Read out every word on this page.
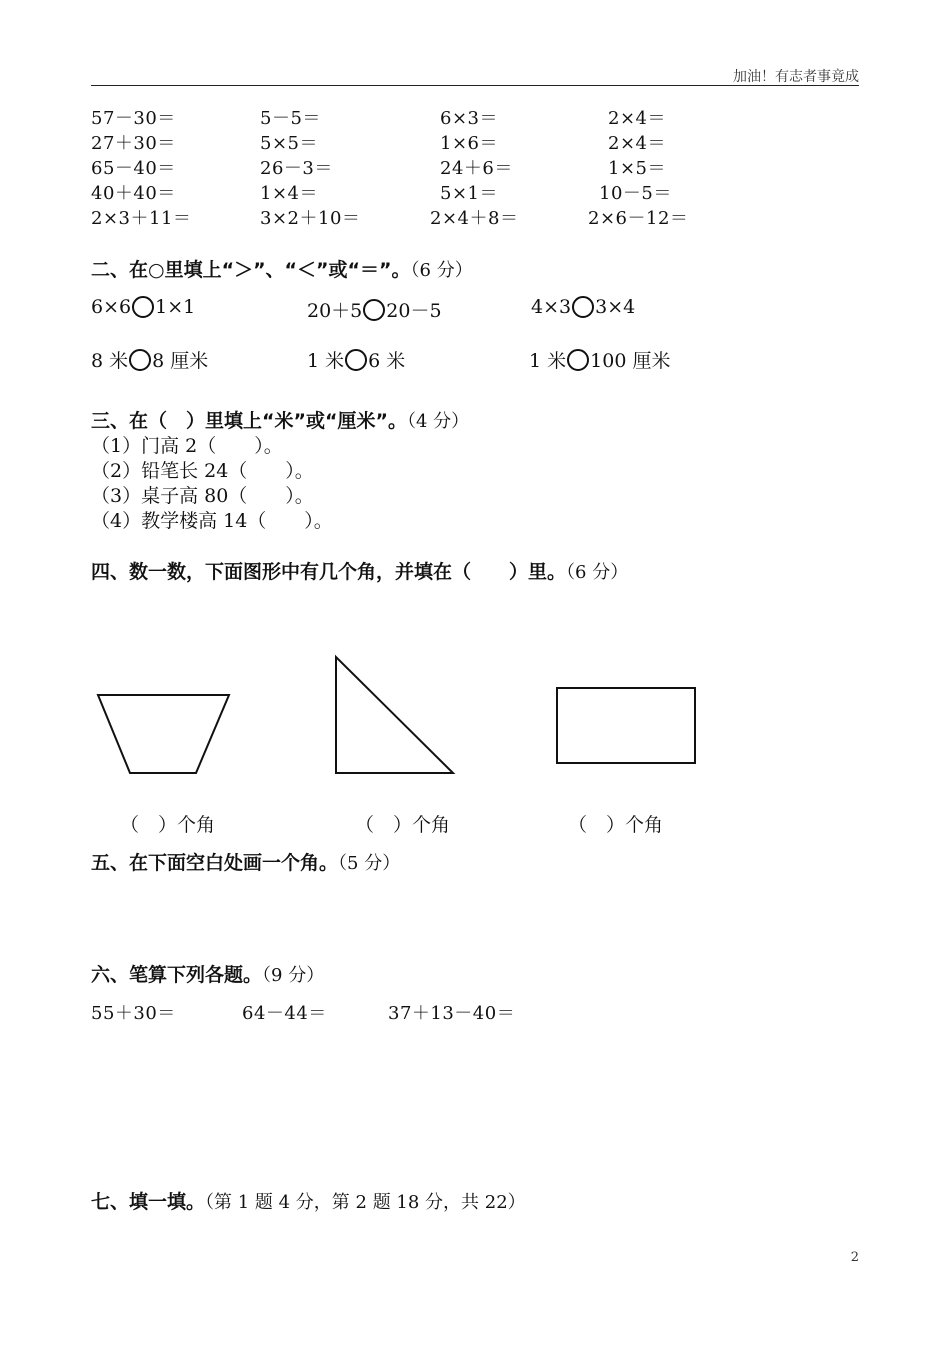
加油！有志者事竟成
57－30＝	5－5＝	6×3＝	2×4＝
27＋30＝	5×5＝	1×6＝	2×4＝
65－40＝	26－3＝	24＋6＝	1×5＝
40＋40＝	1×4＝	5×1＝	10－5＝
2×3＋11＝	3×2＋10＝	2×4＋8＝	2×6－12＝
二、在○里填上“＞”、“＜”或“＝”。（6 分）
6×6 1×1	20＋5 20－5	4×3 3×4
8 米 8 厘米	1 米 6 米	1 米 100 厘米
三、在（　）里填上“米”或“厘米”。（4 分）
（1）门高 2（　　）。
（2）铅笔长 24（　　）。
（3）桌子高 80（　　）。
（4）教学楼高 14（　　）。
四、数一数，下面图形中有几个角，并填在（　　）里。（6 分）
（　）个角	（　）个角	（　）个角
五、在下面空白处画一个角。（5 分）
六、笔算下列各题。（9 分）
55＋30＝	64－44＝	37＋13－40＝
七、填一填。（第 1 题 4 分，第 2 题 18 分，共 22）
2
